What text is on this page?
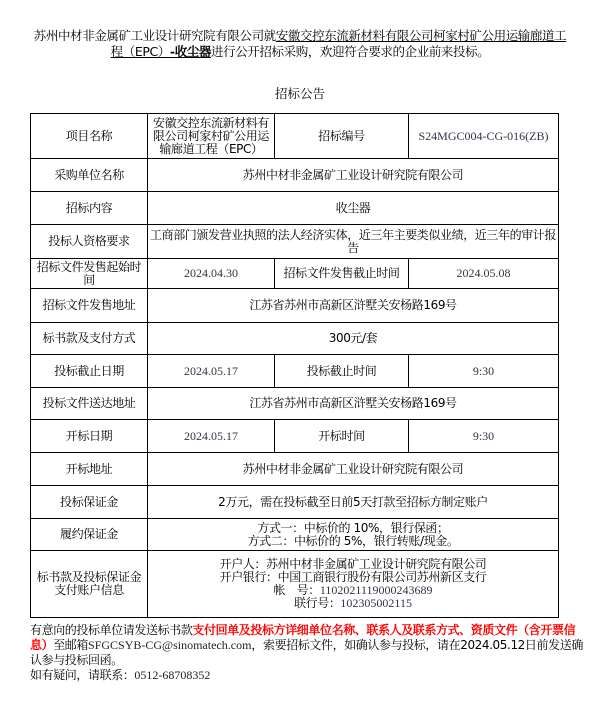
苏州中材非金属矿工业设计研究院有限公司就安徽交控东流新材料有限公司柯家村矿公用运输廊道工程（EPC）-收尘器进行公开招标采购，欢迎符合要求的企业前来投标。
招标公告
项目名称	安徽交控东流新材料有限公司柯家村矿公用运输廊道工程（EPC）	招标编号	S24MGC004-CG-016(ZB)
采购单位名称	苏州中材非金属矿工业设计研究院有限公司		
招标内容	收尘器		
投标人资格要求	工商部门颁发营业执照的法人经济实体，近三年主要类似业绩，近三年的审计报告		
招标文件发售起始时间	2024.04.30	招标文件发售截止时间	2024.05.08
招标文件发售地址	江苏省苏州市高新区浒墅关安杨路169号		
标书款及支付方式	300元/套		
投标截止日期	2024.05.17	投标截止时间	9:30
投标文件送达地址	江苏省苏州市高新区浒墅关安杨路169号		
开标日期	2024.05.17	开标时间	9:30
开标地址	苏州中材非金属矿工业设计研究院有限公司		
投标保证金	2万元，需在投标截至日前5天打款至招标方制定账户		
履约保证金	方式一：中标价的 10%，银行保函；
方式二：中标价的 5%，银行转账/现金。		

标书款及投标保证金支付账户信息	开户人：苏州中材非金属矿工业设计研究院有限公司
开户银行：中国工商银行股份有限公司苏州新区支行
帐　号：1102021119000243689
联行号：102305002115		
有意向的投标单位请发送标书款支付回单及投标方详细单位名称、联系人及联系方式、资质文件（含开票信息）至邮箱SFGCSYB-CG@sinomatech.com，索要招标文件，如确认参与投标，请在2024.05.12日前发送确认参与投标回函。
如有疑问，请联系：0512-68708352
